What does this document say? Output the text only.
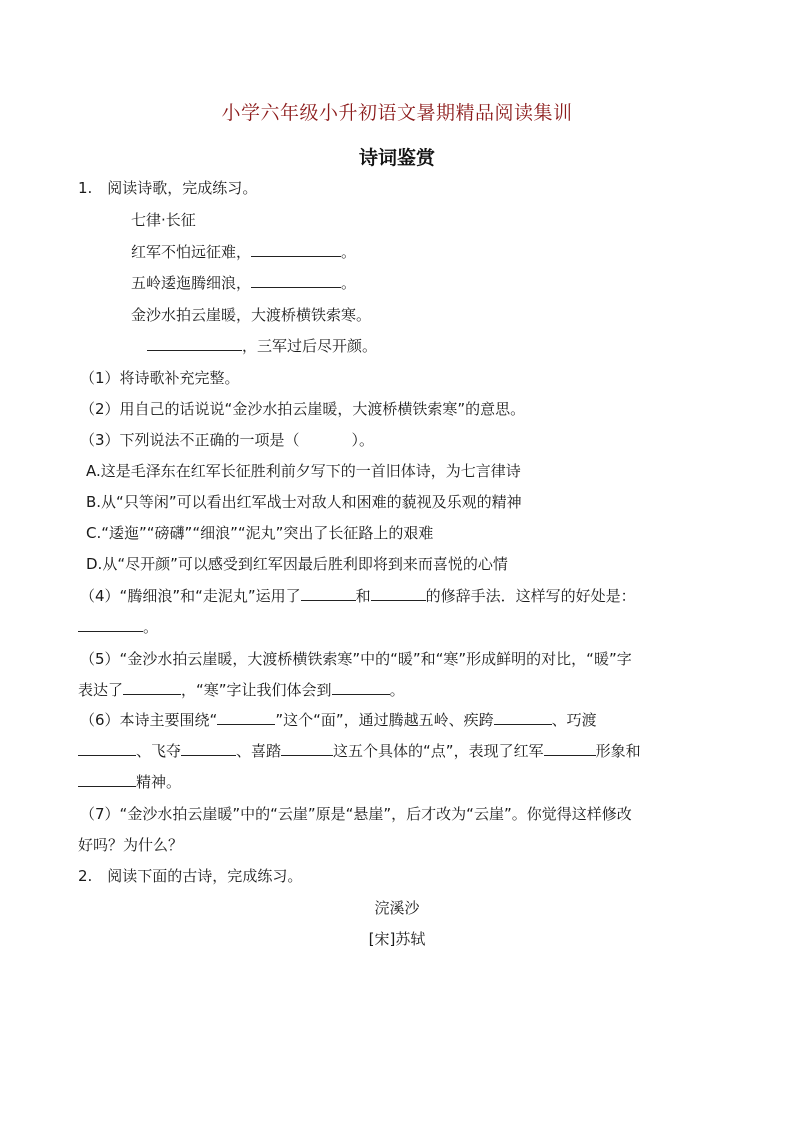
小学六年级小升初语文暑期精品阅读集训
诗词鉴赏
1.　阅读诗歌，完成练习。
七律·长征
红军不怕远征难，	。
五岭逶迤腾细浪，	。
金沙水拍云崖暖，大渡桥横铁索寒。
，三军过后尽开颜。
（1）将诗歌补充完整。
（2）用自己的话说说“金沙水拍云崖暖，大渡桥横铁索寒”的意思。
（3）下列说法不正确的一项是（	）。
A.这是毛泽东在红军长征胜利前夕写下的一首旧体诗，为七言律诗
B.从“只等闲”可以看出红军战士对敌人和困难的藐视及乐观的精神
C.“逶迤”“磅礴”“细浪”“泥丸”突出了长征路上的艰难
D.从“尽开颜”可以感受到红军因最后胜利即将到来而喜悦的心情
（4）“腾细浪”和“走泥丸”运用了	和	的修辞手法．这样写的好处是：
。
（5）“金沙水拍云崖暖，大渡桥横铁索寒”中的“暖”和“寒”形成鲜明的对比，“暖”字
表达了	，“寒”字让我们体会到	。
（6）本诗主要围绕“	”这个“面”，通过腾越五岭、疾跨	、巧渡
、飞夺	、喜踏	这五个具体的“点”，表现了红军	形象和
精神。
（7）“金沙水拍云崖暖”中的“云崖”原是“悬崖”，后才改为“云崖”。你觉得这样修改
好吗？为什么？
2.　阅读下面的古诗，完成练习。
浣溪沙
[宋]苏轼
